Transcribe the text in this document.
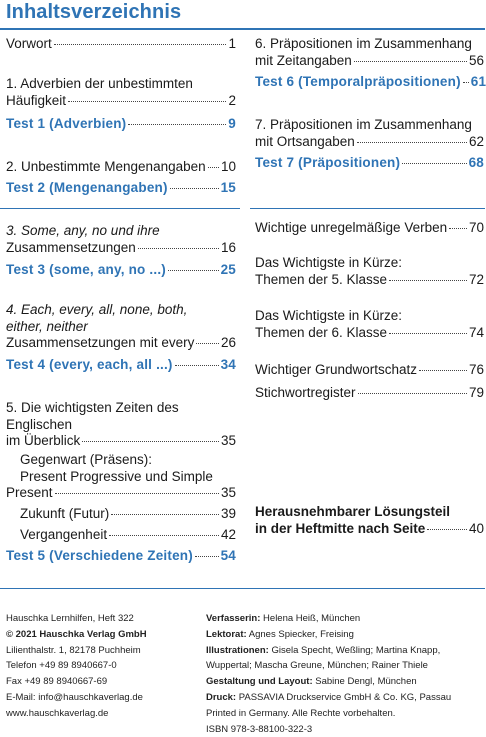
Inhaltsverzeichnis
Vorwort	1
1. Adverbien der unbestimmten
Häufigkeit	2
Test 1 (Adverbien)	9
2. Unbestimmte Mengenangaben 10
Test 2 (Mengenangaben)	15
3. Some, any, no und ihre
Zusammensetzungen	16
Test 3 (some, any, no ...)	25
4. Each, every, all, none, both,
either, neither
Zusammensetzungen mit every 26
Test 4 (every, each, all ...)	34
5. Die wichtigsten Zeiten des
Englischen
im Überblick	35
Gegenwart (Präsens):
Present Progressive und Simple
Present	35
Zukunft (Futur)	39
Vergangenheit	42
Test 5 (Verschiedene Zeiten) 54
6. Präpositionen im Zusammenhang
mit Zeitangaben	56
Test 6 (Temporalpräpositionen) 61
7. Präpositionen im Zusammenhang
mit Ortsangaben	62
Test 7 (Präpositionen)	68
Wichtige unregelmäßige Verben 70
Das Wichtigste in Kürze:
Themen der 5. Klasse	72
Das Wichtigste in Kürze:
Themen der 6. Klasse	74
Wichtiger Grundwortschatz	76
Stichwortregister	79
Herausnehmbarer Lösungsteil
in der Heftmitte nach Seite	40
Hauschka Lernhilfen, Heft 322
© 2021 Hauschka Verlag GmbH
Lilienthalstr. 1, 82178 Puchheim
Telefon +49 89 8940667-0
Fax +49 89 8940667-69
E-Mail: info@hauschkaverlag.de
www.hauschkaverlag.de
Verfasserin: Helena Heiß, München
Lektorat: Agnes Spiecker, Freising
Illustrationen: Gisela Specht, Weßling; Martina Knapp,
Wuppertal; Mascha Greune, München; Rainer Thiele
Gestaltung und Layout: Sabine Dengl, München
Druck: PASSAVIA Druckservice GmbH & Co. KG, Passau
Printed in Germany. Alle Rechte vorbehalten.
ISBN 978-3-88100-322-3
